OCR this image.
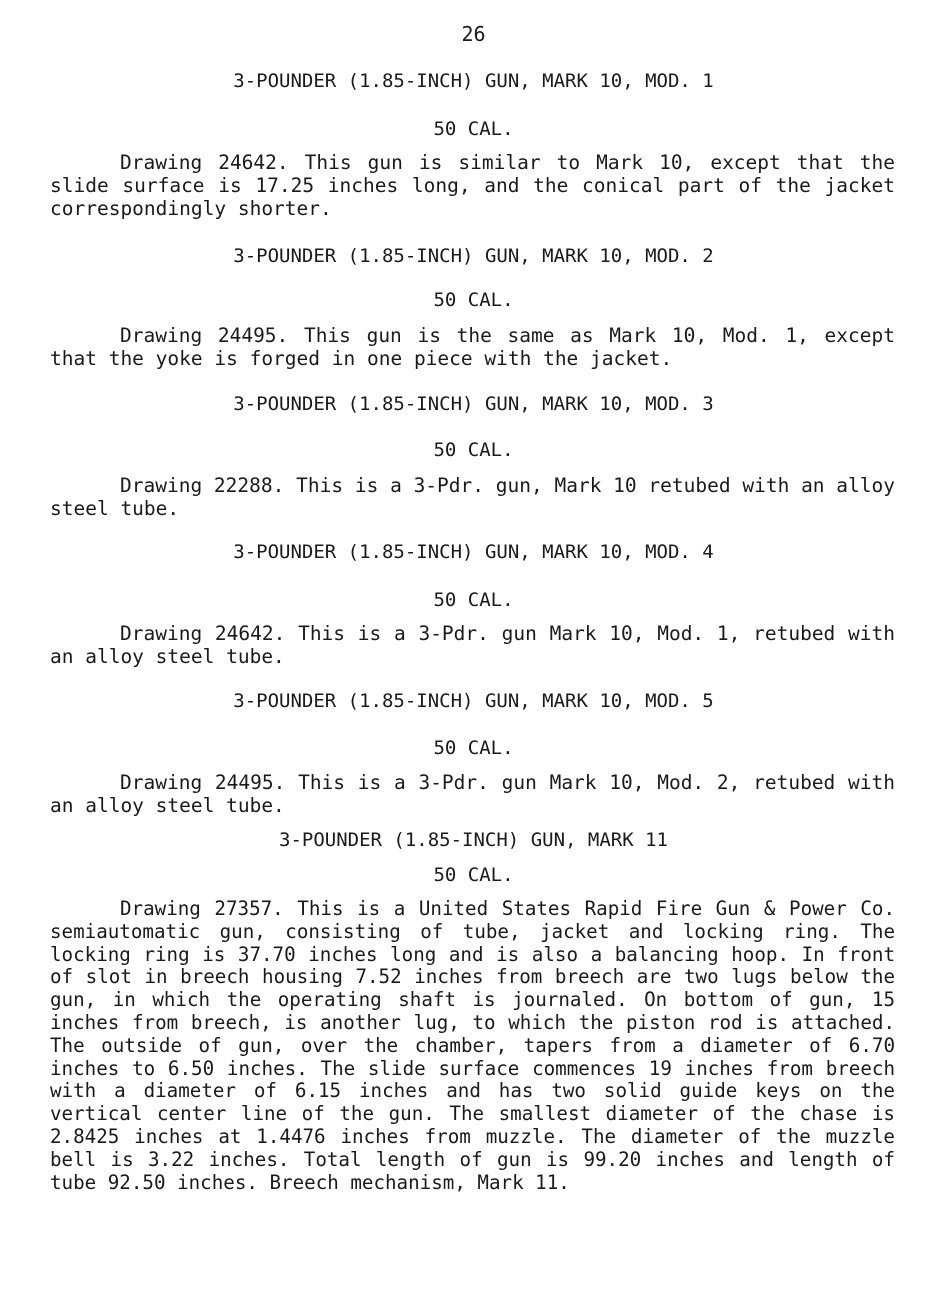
26
3-POUNDER (1.85-INCH) GUN, MARK 10, MOD. 1
50 CAL.
Drawing 24642. This gun is similar to Mark 10, except that the slide surface is 17.25 inches long, and the conical part of the jacket correspondingly shorter.
3-POUNDER (1.85-INCH) GUN, MARK 10, MOD. 2
50 CAL.
Drawing 24495. This gun is the same as Mark 10, Mod. 1, except that the yoke is forged in one piece with the jacket.
3-POUNDER (1.85-INCH) GUN, MARK 10, MOD. 3
50 CAL.
Drawing 22288. This is a 3-Pdr. gun, Mark 10 retubed with an alloy steel tube.
3-POUNDER (1.85-INCH) GUN, MARK 10, MOD. 4
50 CAL.
Drawing 24642. This is a 3-Pdr. gun Mark 10, Mod. 1, retubed with an alloy steel tube.
3-POUNDER (1.85-INCH) GUN, MARK 10, MOD. 5
50 CAL.
Drawing 24495. This is a 3-Pdr. gun Mark 10, Mod. 2, retubed with an alloy steel tube.
3-POUNDER (1.85-INCH) GUN, MARK 11
50 CAL.
Drawing 27357. This is a United States Rapid Fire Gun & Power Co. semiautomatic gun, consisting of tube, jacket and locking ring. The locking ring is 37.70 inches long and is also a balancing hoop. In front of slot in breech housing 7.52 inches from breech are two lugs below the gun, in which the operating shaft is journaled. On bottom of gun, 15 inches from breech, is another lug, to which the piston rod is attached. The outside of gun, over the chamber, tapers from a diameter of 6.70 inches to 6.50 inches. The slide surface commences 19 inches from breech with a diameter of 6.15 inches and has two solid guide keys on the vertical center line of the gun. The smallest diameter of the chase is 2.8425 inches at 1.4476 inches from muzzle. The diameter of the muzzle bell is 3.22 inches. Total length of gun is 99.20 inches and length of tube 92.50 inches. Breech mechanism, Mark 11.
